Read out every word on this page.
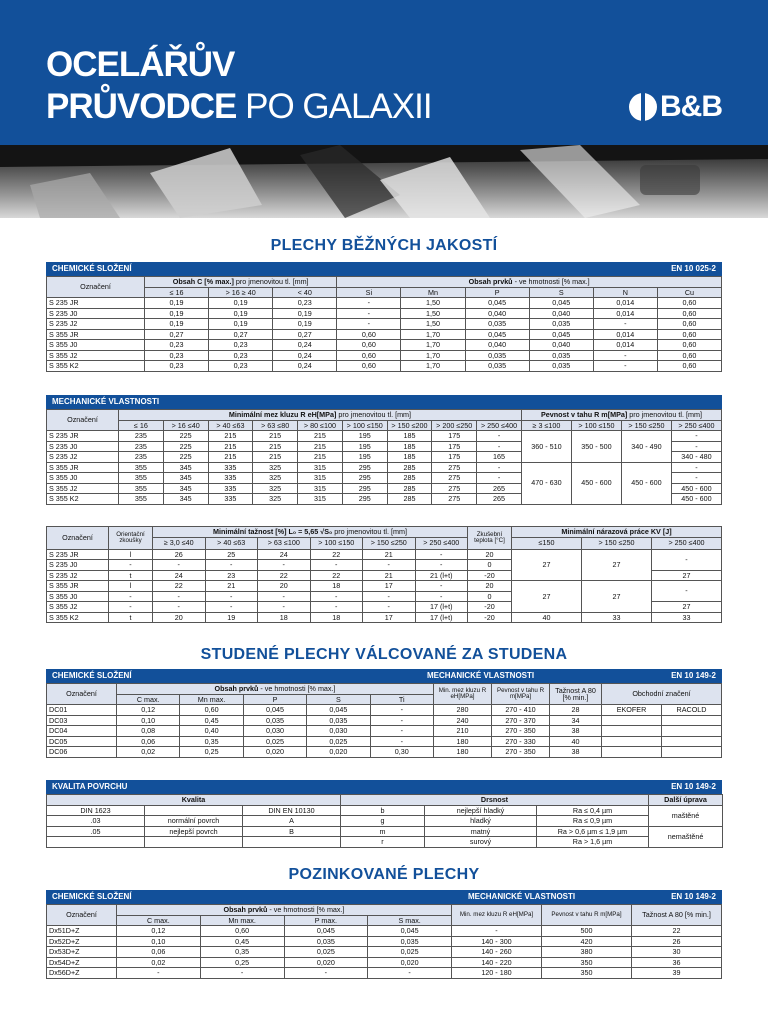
OCELÁŘŮV
PRŮVODCE PO GALAXII	B&B
PLECHY BĚŽNÝCH JAKOSTÍ
CHEMICKÉ SLOŽENÍ	EN 10 025-2
Označení	Obsah C [% max.] pro jmenovitou tl. [mm]			Obsah prvků - ve hmotnosti [% max.]					
	≤ 16	> 16 ≥ 40	< 40	Si	Mn	P	S	N	Cu
S 235 JR	0,19	0,19	0,23	-	1,50	0,045	0,045	0,014	0,60
S 235 J0	0,19	0,19	0,19	-	1,50	0,040	0,040	0,014	0,60
S 235 J2	0,19	0,19	0,19	-	1,50	0,035	0,035	-	0,60
S 355 JR	0,27	0,27	0,27	0,60	1,70	0,045	0,045	0,014	0,60
S 355 J0	0,23	0,23	0,24	0,60	1,70	0,040	0,040	0,014	0,60
S 355 J2	0,23	0,23	0,24	0,60	1,70	0,035	0,035	-	0,60
S 355 K2	0,23	0,23	0,24	0,60	1,70	0,035	0,035	-	0,60
MECHANICKÉ VLASTNOSTI
Označení	Minimální mez kluzu R eH[MPa] pro jmenovitou tl. [mm]									Pevnost v tahu R m[MPa] pro jmenovitou tl. [mm]			
	≤ 16	> 16 ≤40	> 40 ≤63	> 63 ≤80	> 80 ≤100	> 100 ≤150	> 150 ≤200	> 200 ≤250	> 250 ≤400	≥ 3 ≤100	> 100 ≤150	> 150 ≤250	> 250 ≤400
S 235 JR	235	225	215	215	215	195	185	175	-	360 - 510	350 - 500	340 - 490	-
S 235 J0	235	225	215	215	215	195	185	175	-				-
S 235 J2	235	225	215	215	215	195	185	175	165				340 - 480
S 355 JR	355	345	335	325	315	295	285	275	-	470 - 630	450 - 600	450 - 600	-
S 355 J0	355	345	335	325	315	295	285	275	-				-
S 355 J2	355	345	335	325	315	295	285	275	265				450 - 600
S 355 K2	355	345	335	325	315	295	285	275	265				450 - 600
Označení	Orientační zkoušky	Minimální tažnost [%] L₀ = 5,65 √S₀ pro jmenovitou tl. [mm]						Zkušební teplota [°C]	Minimální nárazová práce KV [J]		
		≥ 3,0 ≤40	> 40 ≤63	> 63 ≤100	> 100 ≤150	> 150 ≤250	> 250 ≤400		≤150	> 150 ≤250	> 250 ≤400
S 235 JR	l	26	25	24	22	21	-	20	27	27	-
S 235 J0	-	-	-	-	-	-	-	0			
S 235 J2	t	24	23	22	22	21	21 (l+t)	-20			27
S 355 JR	l	22	21	20	18	17	-	20	27	27	-
S 355 J0	-	-	-	-	-	-	-	0			
S 355 J2	-	-	-	-	-	-	17 (l+t)	-20			27
S 355 K2	t	20	19	18	18	17	17 (l+t)	-20	40	33	33
STUDENÉ PLECHY VÁLCOVANÉ ZA STUDENA
CHEMICKÉ SLOŽENÍ	MECHANICKÉ VLASTNOSTI	EN 10 149-2
Označení	Obsah prvků - ve hmotnosti [% max.]					Min. mez kluzu R eH[MPa]	Pevnost v tahu R m[MPa]	Tažnost A 80 [% min.]	Obchodní značení	
	C max.	Mn max.	P	S	Ti					
DC01	0,12	0,60	0,045	0,045	-	280	270 - 410	28	EKOFER	RACOLD
DC03	0,10	0,45	0,035	0,035	-	240	270 - 370	34		
DC04	0,08	0,40	0,030	0,030	-	210	270 - 350	38		
DC05	0,06	0,35	0,025	0,025	-	180	270 - 330	40		
DC06	0,02	0,25	0,020	0,020	0,30	180	270 - 350	38		
KVALITA POVRCHU	EN 10 149-2
Kvalita			Drsnost			Další úprava
DIN 1623		DIN EN 10130	b	nejlepší hladký	Ra ≤ 0,4 µm	maštěné
.03	normální povrch	A	g	hladký	Ra ≤ 0,9 µm	
.05	nejlepší povrch	B	m	matný	Ra > 0,6 µm ≤ 1,9 µm	nemaštěné
			r	surový	Ra > 1,6 µm	
POZINKOVANÉ PLECHY
CHEMICKÉ SLOŽENÍ	MECHANICKÉ VLASTNOSTI	EN 10 149-2
Označení	Obsah prvků - ve hmotnosti [% max.]				Min. mez kluzu R eH[MPa]	Pevnost v tahu R m[MPa]	Tažnost A 80 [% min.]
	C max.	Mn max.	P max.	S max.			
Dx51D+Z	0,12	0,60	0,045	0,045	-	500	22
Dx52D+Z	0,10	0,45	0,035	0,035	140 - 300	420	26
Dx53D+Z	0,06	0,35	0,025	0,025	140 - 260	380	30
Dx54D+Z	0,02	0,25	0,020	0,020	140 - 220	350	36
Dx56D+Z	-	-	-	-	120 - 180	350	39
